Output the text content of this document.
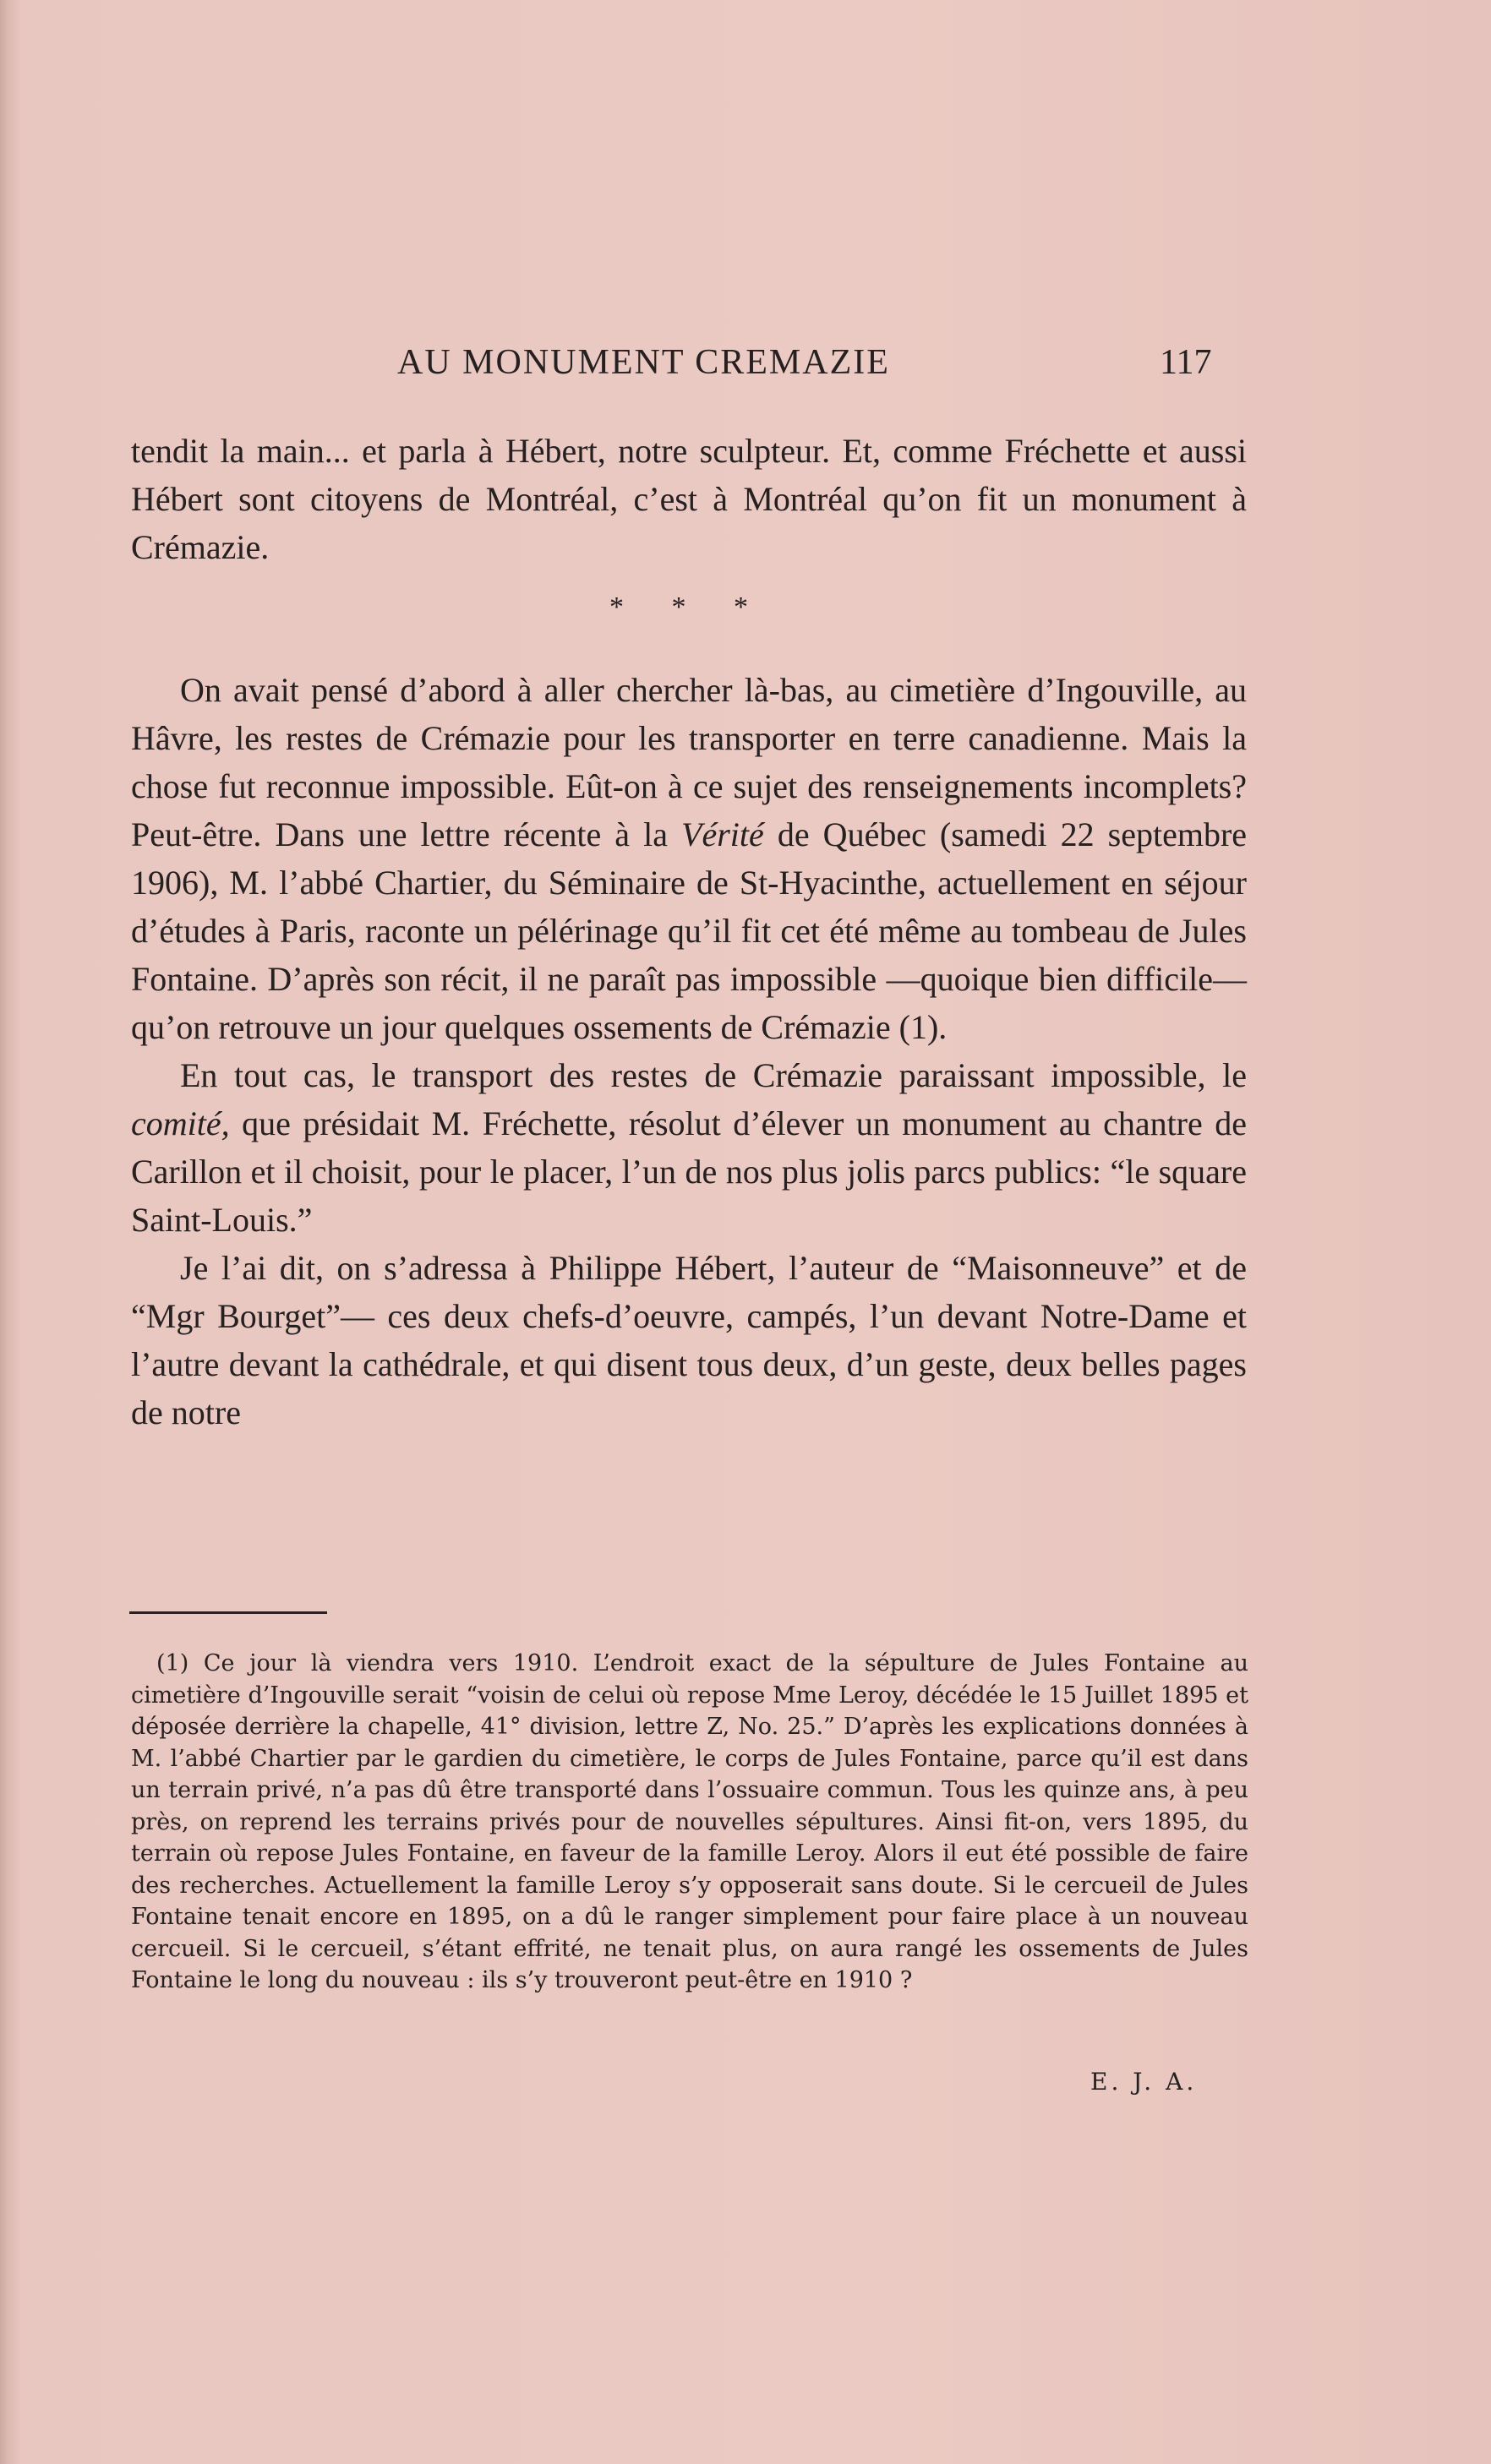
AU MONUMENT CREMAZIE	117

tendit la main... et parla à Hébert, notre sculpteur. Et, comme Fréchette et aussi Hébert sont citoyens de Montréal, c’est à Montréal qu’on fit un monument à Crémazie.

* * *

On avait pensé d’abord à aller chercher là-bas, au cimetière d’Ingouville, au Hâvre, les restes de Crémazie pour les transporter en terre canadienne. Mais la chose fut reconnue impossible. Eût-on à ce sujet des renseignements incomplets? Peut-être. Dans une lettre récente à la Vérité de Québec (samedi 22 septembre 1906), M. l’abbé Chartier, du Séminaire de St-Hyacinthe, actuellement en séjour d’études à Paris, raconte un pélérinage qu’il fit cet été même au tombeau de Jules Fontaine. D’après son récit, il ne paraît pas impossible —quoique bien difficile—qu’on retrouve un jour quelques ossements de Crémazie (1).

En tout cas, le transport des restes de Crémazie paraissant impossible, le comité, que présidait M. Fréchette, résolut d’élever un monument au chantre de Carillon et il choisit, pour le placer, l’un de nos plus jolis parcs publics: “le square Saint-Louis.”

Je l’ai dit, on s’adressa à Philippe Hébert, l’auteur de “Maisonneuve” et de “Mgr Bourget”— ces deux chefs-d’oeuvre, campés, l’un devant Notre-Dame et l’autre devant la cathédrale, et qui disent tous deux, d’un geste, deux belles pages de notre

(1) Ce jour là viendra vers 1910. L’endroit exact de la sépulture de Jules Fontaine au cimetière d’Ingouville serait “voisin de celui où repose Mme Leroy, décédée le 15 Juillet 1895 et déposée derrière la chapelle, 41° division, lettre Z, No. 25.” D’après les explications données à M. l’abbé Chartier par le gardien du cimetière, le corps de Jules Fontaine, parce qu’il est dans un terrain privé, n’a pas dû être transporté dans l’ossuaire commun. Tous les quinze ans, à peu près, on reprend les terrains privés pour de nouvelles sépultures. Ainsi fit-on, vers 1895, du terrain où repose Jules Fontaine, en faveur de la famille Leroy. Alors il eut été possible de faire des recherches. Actuellement la famille Leroy s’y opposerait sans doute. Si le cercueil de Jules Fontaine tenait encore en 1895, on a dû le ranger simplement pour faire place à un nouveau cercueil. Si le cercueil, s’étant effrité, ne tenait plus, on aura rangé les ossements de Jules Fontaine le long du nouveau : ils s’y trouveront peut-être en 1910 ?

E. J. A.
